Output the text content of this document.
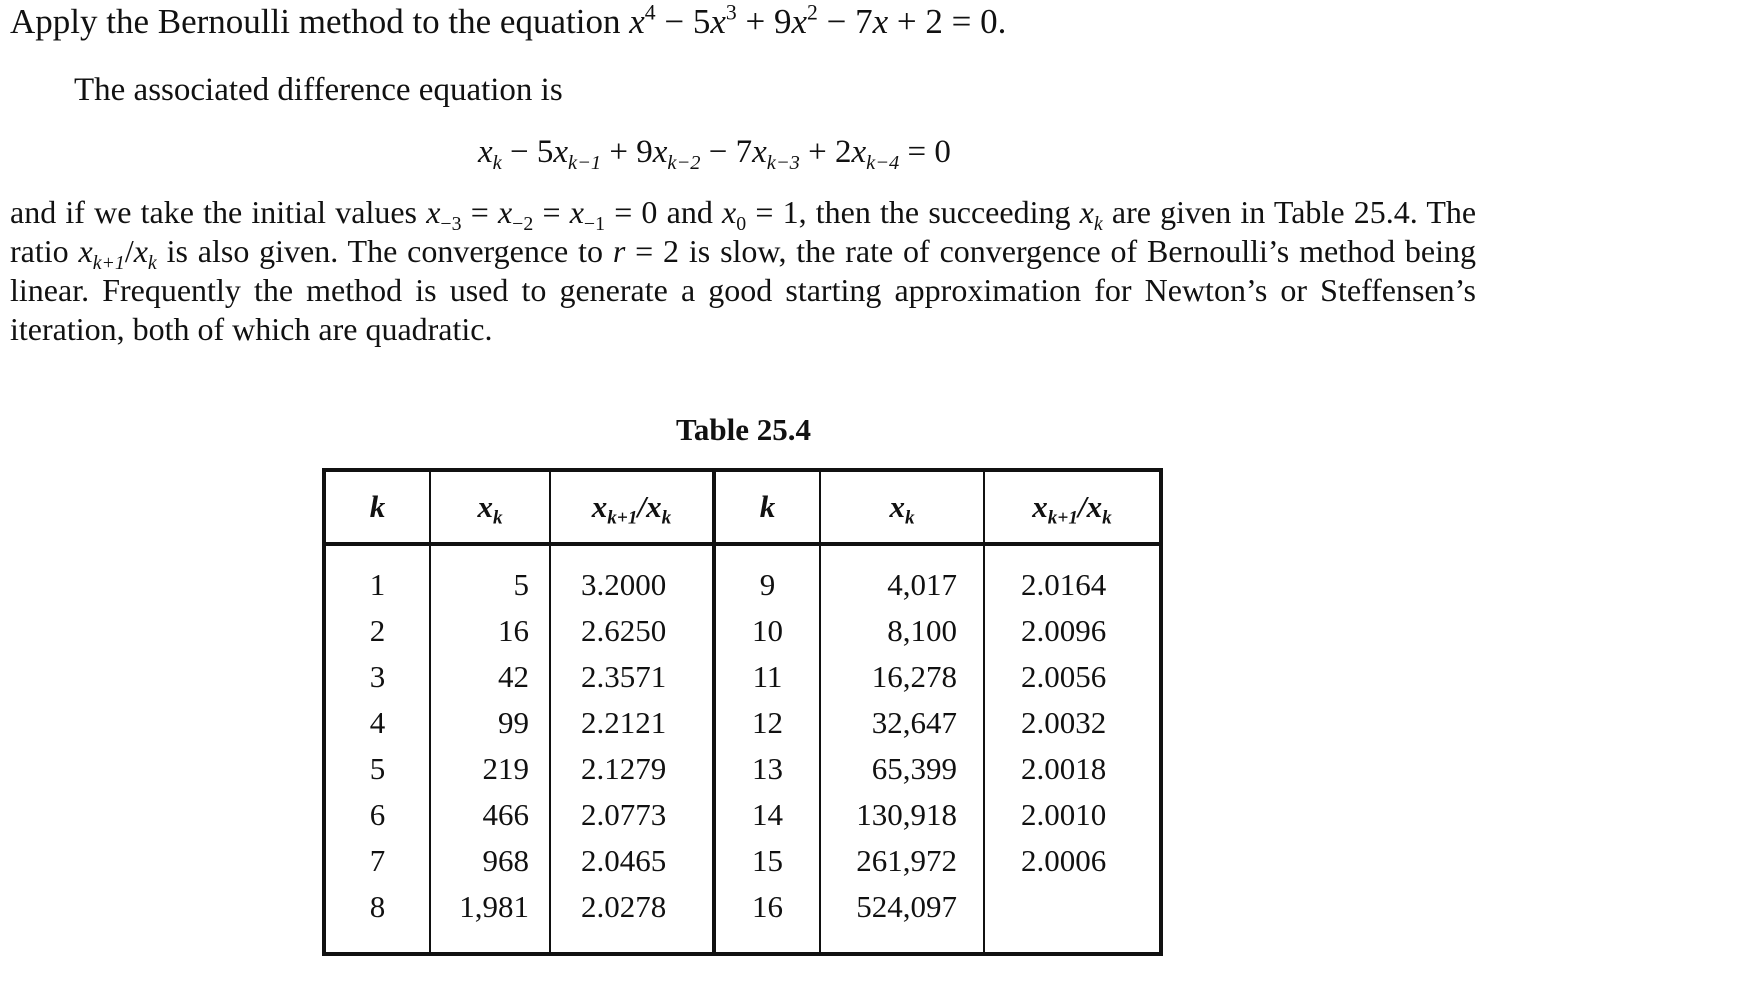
Apply the Bernoulli method to the equation $x^4 - 5x^3 + 9x^2 - 7x + 2 = 0$.
The associated difference equation is
$x_k - 5x_{k-1} + 9x_{k-2} - 7x_{k-3} + 2x_{k-4} = 0$
and if we take the initial values $x_{-3} = x_{-2} = x_{-1} = 0$ and $x_0 = 1$, then the succeeding $x_k$ are given in Table 25.4. The ratio $x_{k+1}/x_k$ is also given. The convergence to r = 2 is slow, the rate of convergence of Bernoulli’s method being linear. Frequently the method is used to generate a good starting approximation for Newton’s or Steffensen’s iteration, both of which are quadratic.
Table 25.4
k	$x_k$	$x_{k+1}/x_k$	k	$x_k$	$x_{k+1}/x_k$
1	5	3.2000	9	4,017	2.0164
2	16	2.6250	10	8,100	2.0096
3	42	2.3571	11	16,278	2.0056
4	99	2.2121	12	32,647	2.0032
5	219	2.1279	13	65,399	2.0018
6	466	2.0773	14	130,918	2.0010
7	968	2.0465	15	261,972	2.0006
8	1,981	2.0278	16	524,097	
